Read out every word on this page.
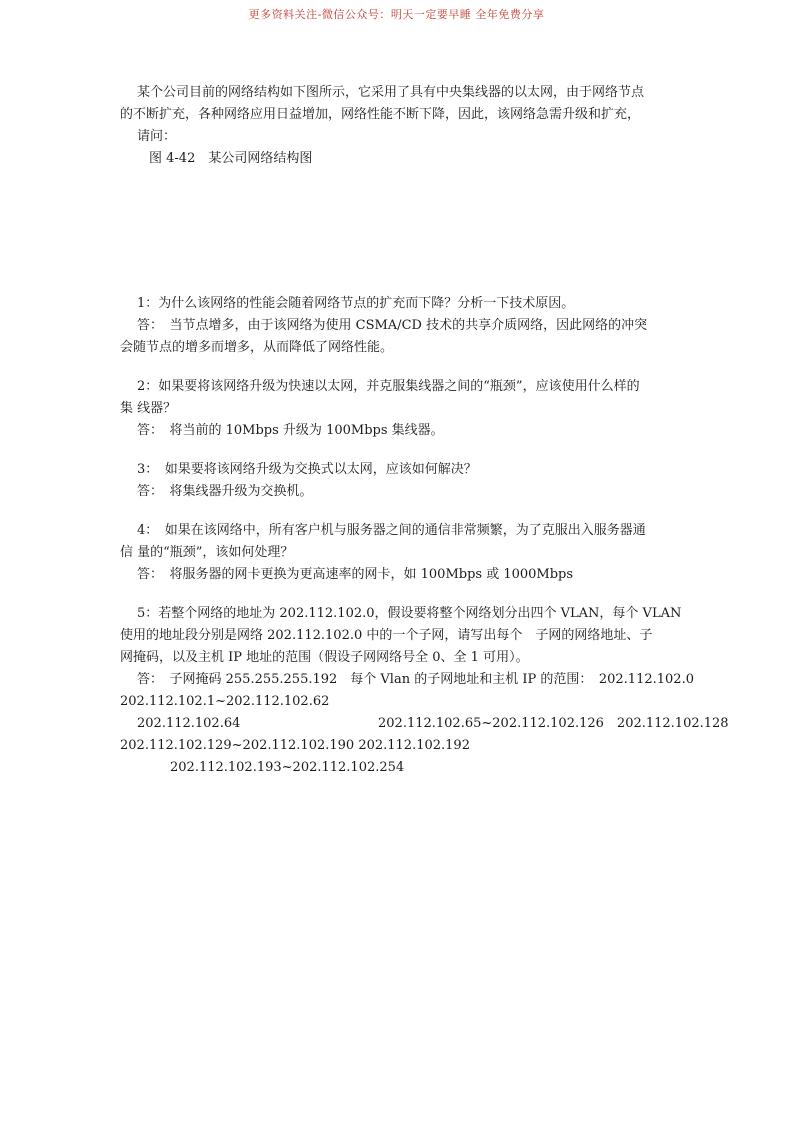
更多资料关注-微信公众号：明天一定要早睡 全年免费分享
某个公司目前的网络结构如下图所示，它采用了具有中央集线器的以太网，由于网络节点
的不断扩充，各种网络应用日益增加，网络性能不断下降，因此，该网络急需升级和扩充，
请问：
图 4-42　某公司网络结构图
1：为什么该网络的性能会随着网络节点的扩充而下降？分析一下技术原因。
答：　当节点增多，由于该网络为使用 CSMA/CD 技术的共享介质网络，因此网络的冲突
会随节点的增多而增多，从而降低了网络性能。
2：如果要将该网络升级为快速以太网，并克服集线器之间的“瓶颈”，应该使用什么样的
集 线器？
答：　将当前的 10Mbps 升级为 100Mbps 集线器。
3：　如果要将该网络升级为交换式以太网，应该如何解决？
答：　将集线器升级为交换机。
4：　如果在该网络中，所有客户机与服务器之间的通信非常频繁，为了克服出入服务器通
信 量的“瓶颈”，该如何处理？
答：　将服务器的网卡更换为更高速率的网卡，如 100Mbps 或 1000Mbps
5：若整个网络的地址为 202.112.102.0，假设要将整个网络划分出四个 VLAN，每个 VLAN
使用的地址段分别是网络 202.112.102.0 中的一个子网，请写出每个　子网的网络地址、子
网掩码，以及主机 IP 地址的范围（假设子网网络号全 0、全 1 可用）。
答：　子网掩码 255.255.255.192　每个 Vlan 的子网地址和主机 IP 的范围：　202.112.102.0
202.112.102.1~202.112.102.62
202.112.102.64	202.112.102.65~202.112.102.126　202.112.102.128
202.112.102.129~202.112.102.190 202.112.102.192
202.112.102.193~202.112.102.254
